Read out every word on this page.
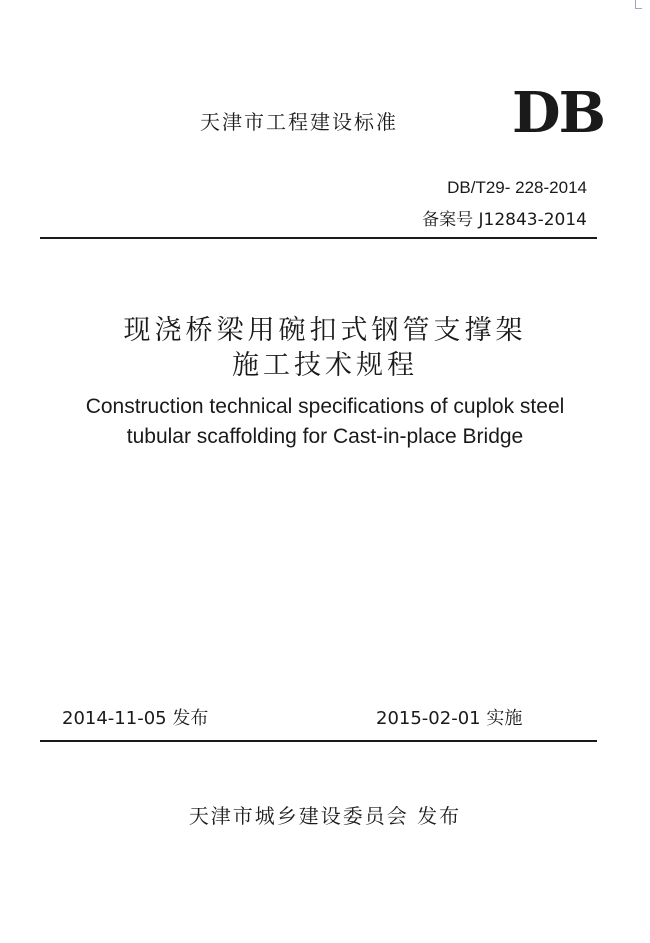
天津市工程建设标准 DB
DB/T29- 228-2014
备案号 J12843-2014
现浇桥梁用碗扣式钢管支撑架
施工技术规程
Construction technical specifications of cuplok steel
tubular scaffolding for Cast-in-place Bridge
2014-11-05 发布	2015-02-01 实施
天津市城乡建设委员会 发布
